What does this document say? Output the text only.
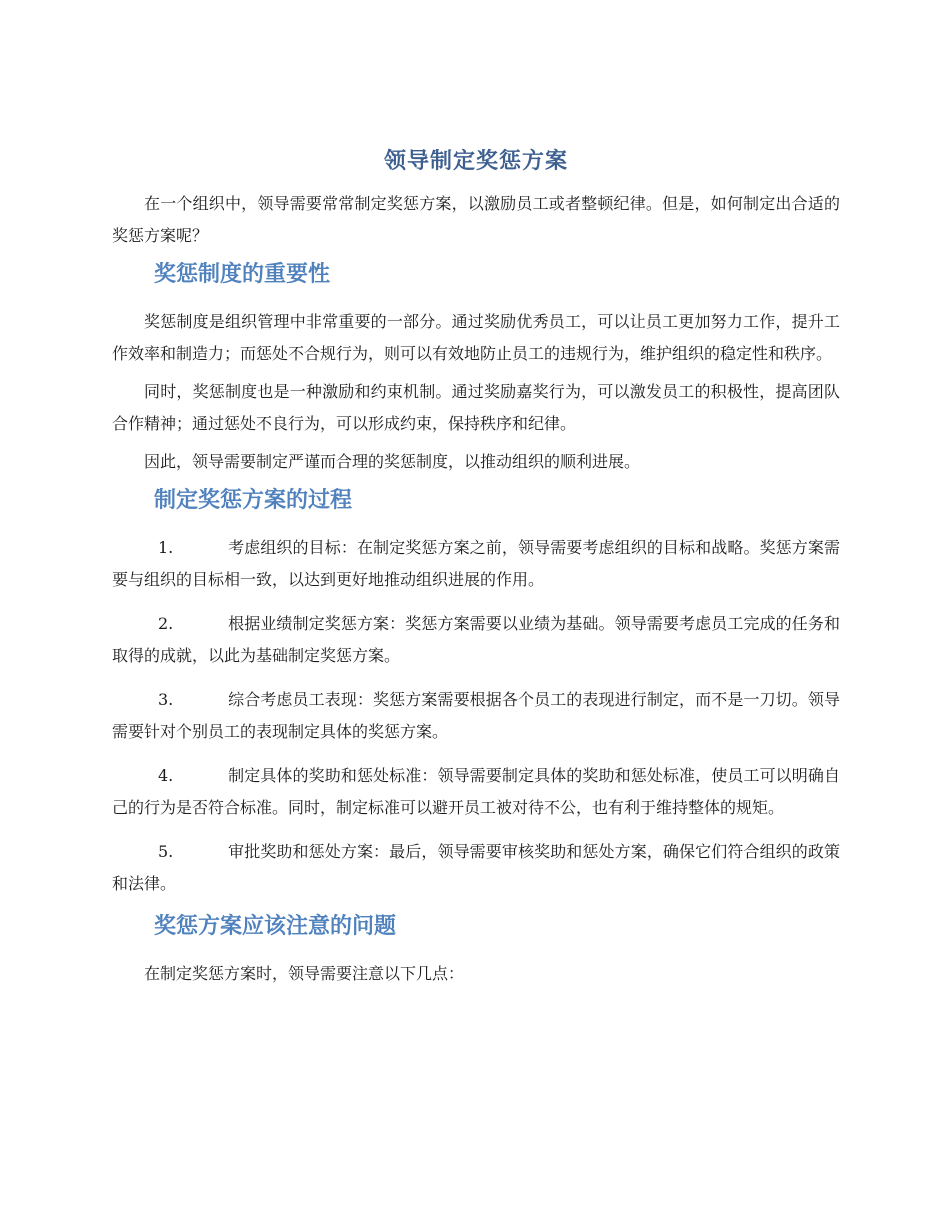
领导制定奖惩方案

在一个组织中，领导需要常常制定奖惩方案，以激励员工或者整顿纪律。但是，如何制定出合适的奖惩方案呢？

奖惩制度的重要性

奖惩制度是组织管理中非常重要的一部分。通过奖励优秀员工，可以让员工更加努力工作，提升工作效率和制造力；而惩处不合规行为，则可以有效地防止员工的违规行为，维护组织的稳定性和秩序。

同时，奖惩制度也是一种激励和约束机制。通过奖励嘉奖行为，可以激发员工的积极性，提高团队合作精神；通过惩处不良行为，可以形成约束，保持秩序和纪律。

因此，领导需要制定严谨而合理的奖惩制度，以推动组织的顺利进展。

制定奖惩方案的过程
1.	考虑组织的目标：在制定奖惩方案之前，领导需要考虑组织的目标和战略。奖惩方案需要与组织的目标相一致，以达到更好地推动组织进展的作用。
2.	根据业绩制定奖惩方案：奖惩方案需要以业绩为基础。领导需要考虑员工完成的任务和取得的成就，以此为基础制定奖惩方案。
3.	综合考虑员工表现：奖惩方案需要根据各个员工的表现进行制定，而不是一刀切。领导需要针对个别员工的表现制定具体的奖惩方案。
4.	制定具体的奖助和惩处标准：领导需要制定具体的奖助和惩处标准，使员工可以明确自己的行为是否符合标准。同时，制定标准可以避开员工被对待不公，也有利于维持整体的规矩。
5.	审批奖助和惩处方案：最后，领导需要审核奖助和惩处方案，确保它们符合组织的政策和法律。
奖惩方案应该注意的问题

在制定奖惩方案时，领导需要注意以下几点：
